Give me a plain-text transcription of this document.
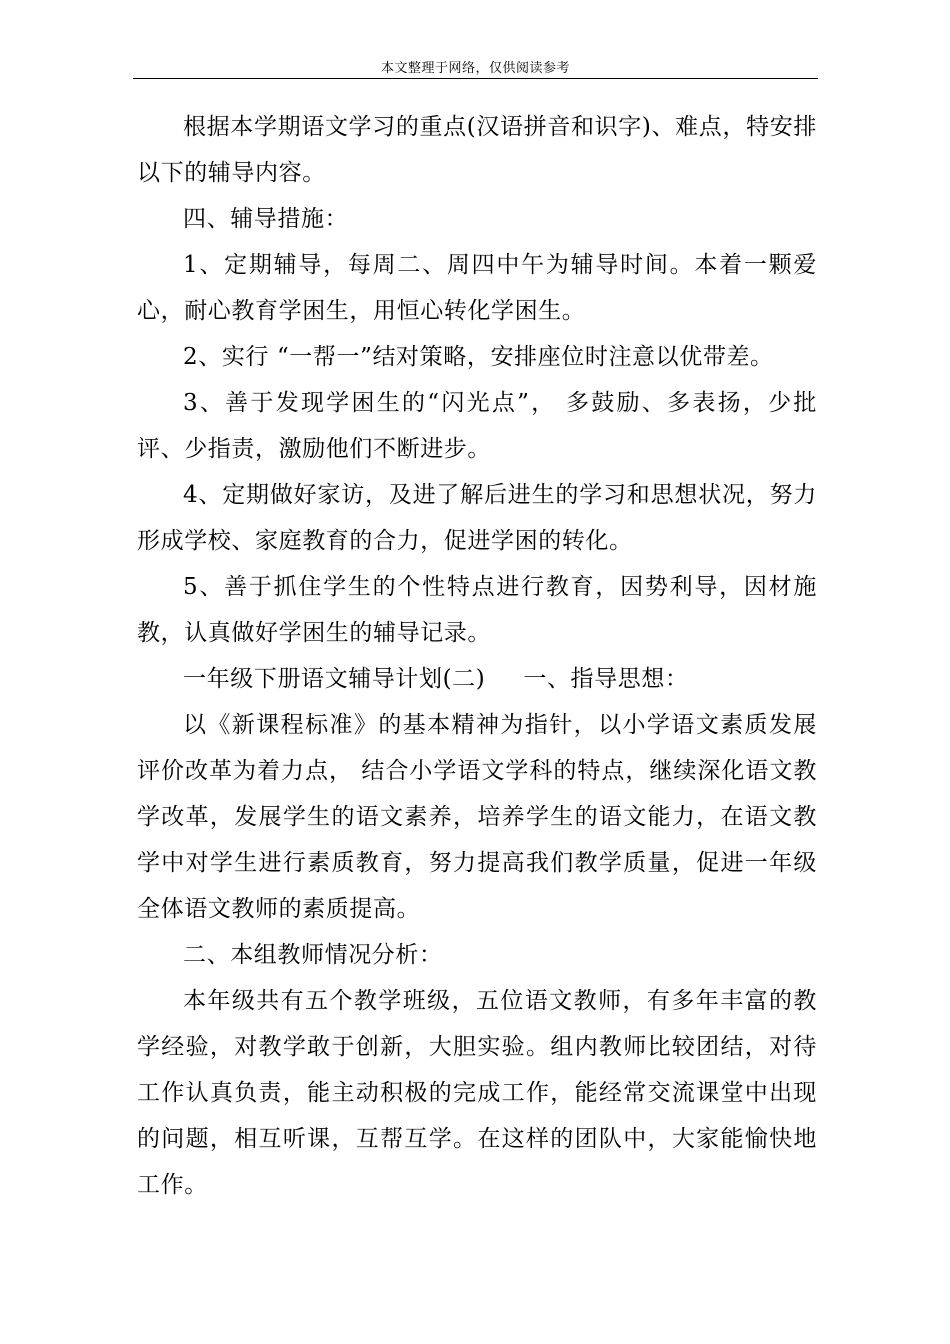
本文整理于网络，仅供阅读参考

根据本学期语文学习的重点(汉语拼音和识字)、难点，特安排以下的辅导内容。

四、辅导措施：

1、定期辅导，每周二、周四中午为辅导时间。本着一颗爱心，耐心教育学困生，用恒心转化学困生。

2、实行 “一帮一”结对策略，安排座位时注意以优带差。

3、善于发现学困生的“闪光点”， 多鼓励、多表扬，少批评、少指责，激励他们不断进步。

4、定期做好家访，及进了解后进生的学习和思想状况，努力形成学校、家庭教育的合力，促进学困的转化。

5、善于抓住学生的个性特点进行教育，因势利导，因材施教，认真做好学困生的辅导记录。

一年级下册语文辅导计划(二) 一、指导思想：

以《新课程标准》的基本精神为指针，以小学语文素质发展评价改革为着力点， 结合小学语文学科的特点，继续深化语文教学改革，发展学生的语文素养，培养学生的语文能力，在语文教学中对学生进行素质教育，努力提高我们教学质量，促进一年级全体语文教师的素质提高。

二、本组教师情况分析：

本年级共有五个教学班级，五位语文教师，有多年丰富的教学经验，对教学敢于创新，大胆实验。组内教师比较团结，对待工作认真负责，能主动积极的完成工作，能经常交流课堂中出现的问题，相互听课，互帮互学。在这样的团队中，大家能愉快地工作。
